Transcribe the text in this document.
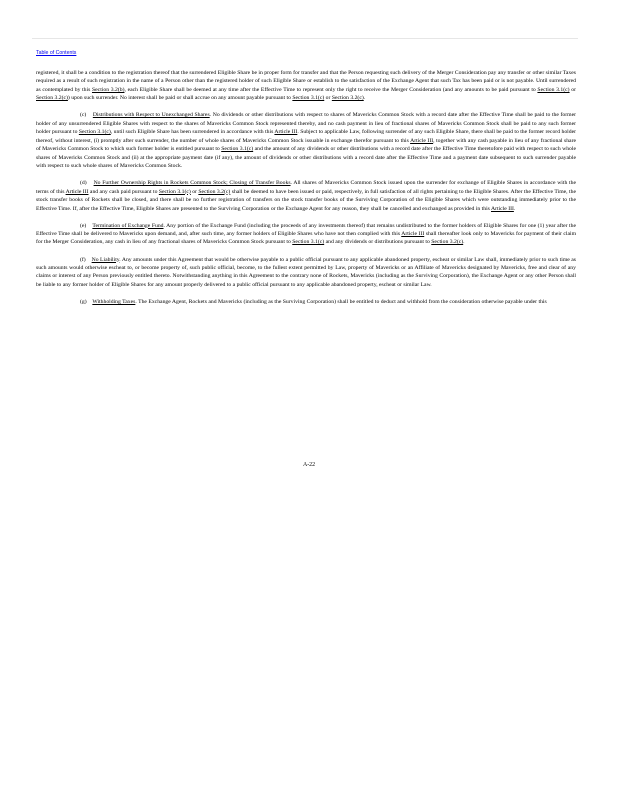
Table of Contents

registered, it shall be a condition to the registration thereof that the surrendered Eligible Share be in proper form for transfer and that the Person requesting such delivery of the Merger Consideration pay any transfer or other similar Taxes required as a result of such registration in the name of a Person other than the registered holder of such Eligible Share or establish to the satisfaction of the Exchange Agent that such Tax has been paid or is not payable. Until surrendered as contemplated by this Section 3.2(b), each Eligible Share shall be deemed at any time after the Effective Time to represent only the right to receive the Merger Consideration (and any amounts to be paid pursuant to Section 3.1(c) or Section 3.2(c)) upon such surrender. No interest shall be paid or shall accrue on any amount payable pursuant to Section 3.1(c) or Section 3.2(c).

(c) Distributions with Respect to Unexchanged Shares. No dividends or other distributions with respect to shares of Mavericks Common Stock with a record date after the Effective Time shall be paid to the former holder of any unsurrendered Eligible Shares with respect to the shares of Mavericks Common Stock represented thereby, and no cash payment in lieu of fractional shares of Mavericks Common Stock shall be paid to any such former holder pursuant to Section 3.1(c), until such Eligible Share has been surrendered in accordance with this Article III. Subject to applicable Law, following surrender of any such Eligible Share, there shall be paid to the former record holder thereof, without interest, (i) promptly after such surrender, the number of whole shares of Mavericks Common Stock issuable in exchange therefor pursuant to this Article III, together with any cash payable in lieu of any fractional share of Mavericks Common Stock to which such former holder is entitled pursuant to Section 3.1(c) and the amount of any dividends or other distributions with a record date after the Effective Time theretofore paid with respect to such whole shares of Mavericks Common Stock and (ii) at the appropriate payment date (if any), the amount of dividends or other distributions with a record date after the Effective Time and a payment date subsequent to such surrender payable with respect to such whole shares of Mavericks Common Stock.

(d) No Further Ownership Rights in Rockets Common Stock; Closing of Transfer Books. All shares of Mavericks Common Stock issued upon the surrender for exchange of Eligible Shares in accordance with the terms of this Article III and any cash paid pursuant to Section 3.1(c) or Section 3.2(c) shall be deemed to have been issued or paid, respectively, in full satisfaction of all rights pertaining to the Eligible Shares. After the Effective Time, the stock transfer books of Rockets shall be closed, and there shall be no further registration of transfers on the stock transfer books of the Surviving Corporation of the Eligible Shares which were outstanding immediately prior to the Effective Time. If, after the Effective Time, Eligible Shares are presented to the Surviving Corporation or the Exchange Agent for any reason, they shall be cancelled and exchanged as provided in this Article III.

(e) Termination of Exchange Fund. Any portion of the Exchange Fund (including the proceeds of any investments thereof) that remains undistributed to the former holders of Eligible Shares for one (1) year after the Effective Time shall be delivered to Mavericks upon demand, and, after such time, any former holders of Eligible Shares who have not then complied with this Article III shall thereafter look only to Mavericks for payment of their claim for the Merger Consideration, any cash in lieu of any fractional shares of Mavericks Common Stock pursuant to Section 3.1(c) and any dividends or distributions pursuant to Section 3.2(c).

(f) No Liability. Any amounts under this Agreement that would be otherwise payable to a public official pursuant to any applicable abandoned property, escheat or similar Law shall, immediately prior to such time as such amounts would otherwise escheat to, or become property of, such public official, become, to the fullest extent permitted by Law, property of Mavericks or an Affiliate of Mavericks designated by Mavericks, free and clear of any claims or interest of any Person previously entitled thereto. Notwithstanding anything in this Agreement to the contrary none of Rockets, Mavericks (including as the Surviving Corporation), the Exchange Agent or any other Person shall be liable to any former holder of Eligible Shares for any amount properly delivered to a public official pursuant to any applicable abandoned property, escheat or similar Law.

(g) Withholding Taxes. The Exchange Agent, Rockets and Mavericks (including as the Surviving Corporation) shall be entitled to deduct and withhold from the consideration otherwise payable under this

A-22
